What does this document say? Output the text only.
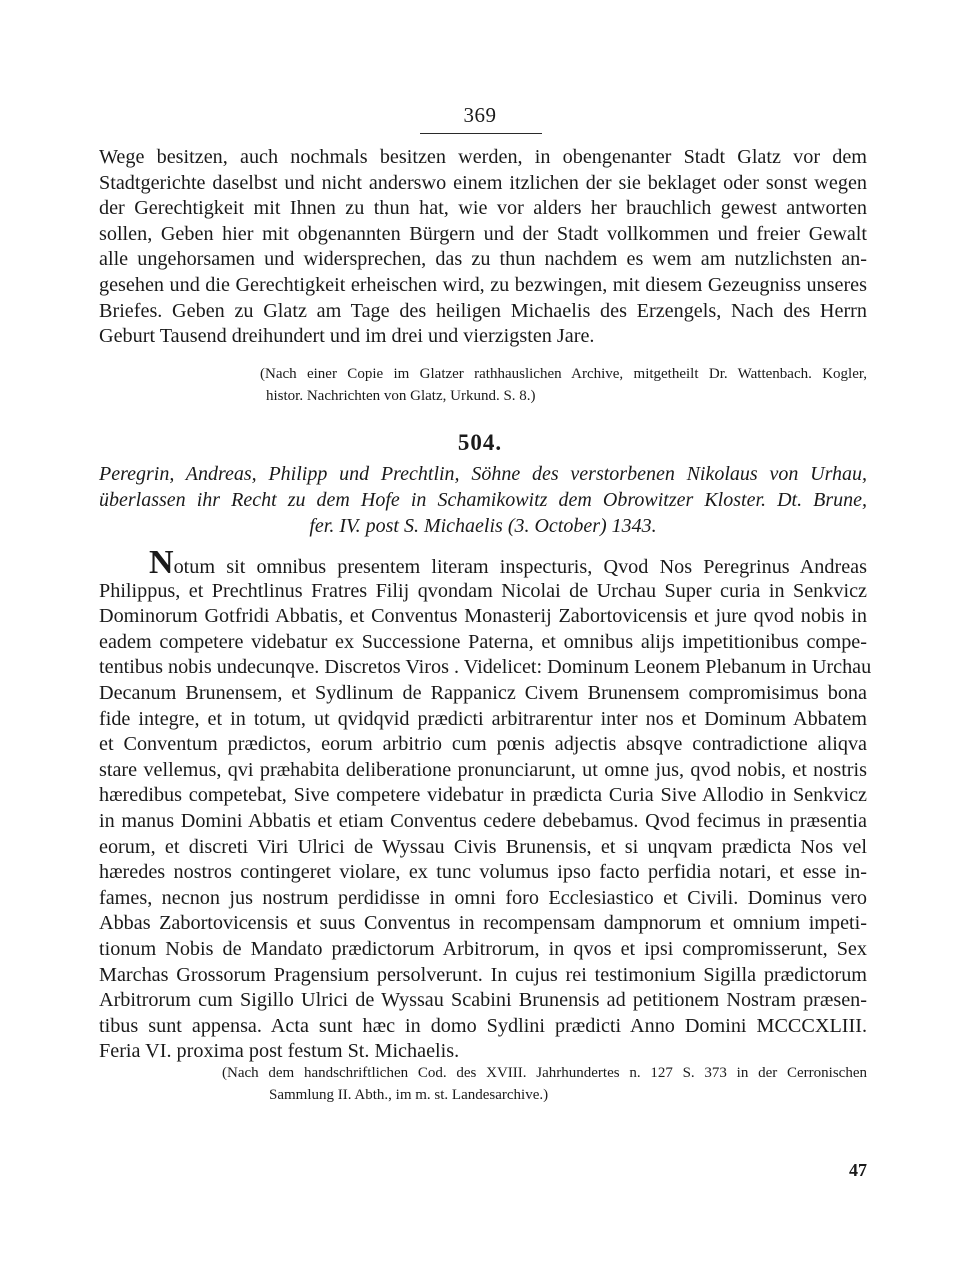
369
Wege besitzen, auch nochmals besitzen werden, in obengenanter Stadt Glatz vor dem
Stadtgerichte daselbst und nicht anderswo einem itzlichen der sie beklaget oder sonst wegen
der Gerechtigkeit mit Ihnen zu thun hat, wie vor alders her brauchlich gewest antworten
sollen, Geben hier mit obgenannten Bürgern und der Stadt vollkommen und freier Gewalt
alle ungehorsamen und widersprechen, das zu thun nachdem es wem am nutzlichsten an-
gesehen und die Gerechtigkeit erheischen wird, zu bezwingen, mit diesem Gezeugniss unseres
Briefes. Geben zu Glatz am Tage des heiligen Michaelis des Erzengels, Nach des Herrn
Geburt Tausend dreihundert und im drei und vierzigsten Jare.
(Nach einer Copie im Glatzer rathhauslichen Archive, mitgetheilt Dr. Wattenbach. Kogler,
histor. Nachrichten von Glatz, Urkund. S. 8.)
504.
Peregrin, Andreas, Philipp und Prechtlin, Söhne des verstorbenen Nikolaus von Urhau,
überlassen ihr Recht zu dem Hofe in Schamikowitz dem Obrowitzer Kloster. Dt. Brune,
fer. IV. post S. Michaelis (3. October) 1343.
Notum sit omnibus presentem literam inspecturis, Qvod Nos Peregrinus Andreas
Philippus, et Prechtlinus Fratres Filij qvondam Nicolai de Urchau Super curia in Senkvicz
Dominorum Gotfridi Abbatis, et Conventus Monasterij Zabortovicensis et jure qvod nobis in
eadem competere videbatur ex Successione Paterna, et omnibus alijs impetitionibus compe-
tentibus nobis undecunqve. Discretos Viros . Videlicet: Dominum Leonem Plebanum in Urchau
Decanum Brunensem, et Sydlinum de Rappanicz Civem Brunensem compromisimus bona
fide integre, et in totum, ut qvidqvid prædicti arbitrarentur inter nos et Dominum Abbatem
et Conventum prædictos, eorum arbitrio cum pœnis adjectis absqve contradictione aliqva
stare vellemus, qvi præhabita deliberatione pronunciarunt, ut omne jus, qvod nobis, et nostris
hæredibus competebat, Sive competere videbatur in prædicta Curia Sive Allodio in Senkvicz
in manus Domini Abbatis et etiam Conventus cedere debebamus. Qvod fecimus in præsentia
eorum, et discreti Viri Ulrici de Wyssau Civis Brunensis, et si unqvam prædicta Nos vel
hæredes nostros contingeret violare, ex tunc volumus ipso facto perfidia notari, et esse in-
fames, necnon jus nostrum perdidisse in omni foro Ecclesiastico et Civili. Dominus vero
Abbas Zabortovicensis et suus Conventus in recompensam dampnorum et omnium impeti-
tionum Nobis de Mandato prædictorum Arbitrorum, in qvos et ipsi compromisserunt, Sex
Marchas Grossorum Pragensium persolverunt. In cujus rei testimonium Sigilla prædictorum
Arbitrorum cum Sigillo Ulrici de Wyssau Scabini Brunensis ad petitionem Nostram præsen-
tibus sunt appensa. Acta sunt hæc in domo Sydlini prædicti Anno Domini MCCCXLIII.
Feria VI. proxima post festum St. Michaelis.
(Nach dem handschriftlichen Cod. des XVIII. Jahrhundertes n. 127 S. 373 in der Cerronischen
Sammlung II. Abth., im m. st. Landesarchive.)
47
